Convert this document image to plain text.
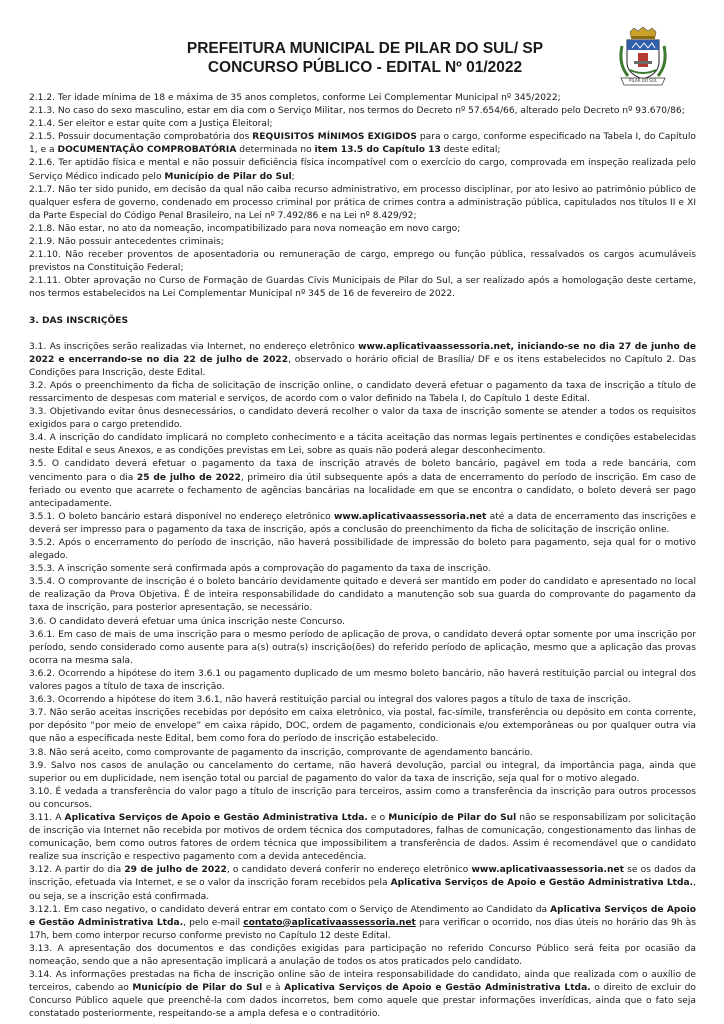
PREFEITURA MUNICIPAL DE PILAR DO SUL/ SP
CONCURSO PÚBLICO - EDITAL Nº 01/2022
PILAR DO SUL

2.1.2. Ter idade mínima de 18 e máxima de 35 anos completos, conforme Lei Complementar Municipal nº 345/2022;

2.1.3. No caso do sexo masculino, estar em dia com o Serviço Militar, nos termos do Decreto nº 57.654/66, alterado pelo Decreto nº 93.670/86;

2.1.4. Ser eleitor e estar quite com a Justiça Eleitoral;

2.1.5. Possuir documentação comprobatória dos REQUISITOS MÍNIMOS EXIGIDOS para o cargo, conforme especificado na Tabela I, do Capítulo 1, e a DOCUMENTAÇÃO COMPROBATÓRIA determinada no item 13.5 do Capítulo 13 deste edital;

2.1.6. Ter aptidão física e mental e não possuir deficiência física incompatível com o exercício do cargo, comprovada em inspeção realizada pelo Serviço Médico indicado pelo Município de Pilar do Sul;

2.1.7. Não ter sido punido, em decisão da qual não caiba recurso administrativo, em processo disciplinar, por ato lesivo ao patrimônio público de qualquer esfera de governo, condenado em processo criminal por prática de crimes contra a administração pública, capitulados nos títulos II e XI da Parte Especial do Código Penal Brasileiro, na Lei nº 7.492/86 e na Lei nº 8.429/92;

2.1.8. Não estar, no ato da nomeação, incompatibilizado para nova nomeação em novo cargo;

2.1.9. Não possuir antecedentes criminais;

2.1.10. Não receber proventos de aposentadoria ou remuneração de cargo, emprego ou função pública, ressalvados os cargos acumuláveis previstos na Constituição Federal;

2.1.11. Obter aprovação no Curso de Formação de Guardas Civis Municipais de Pilar do Sul, a ser realizado após a homologação deste certame, nos termos estabelecidos na Lei Complementar Municipal nº 345 de 16 de fevereiro de 2022.

3. DAS INSCRIÇÕES

3.1. As inscrições serão realizadas via Internet, no endereço eletrônico www.aplicativaassessoria.net, iniciando-se no dia 27 de junho de 2022 e encerrando-se no dia 22 de julho de 2022, observado o horário oficial de Brasília/ DF e os itens estabelecidos no Capítulo 2. Das Condições para Inscrição, deste Edital.

3.2. Após o preenchimento da ficha de solicitação de inscrição online, o candidato deverá efetuar o pagamento da taxa de inscrição a título de ressarcimento de despesas com material e serviços, de acordo com o valor definido na Tabela I, do Capítulo 1 deste Edital.

3.3. Objetivando evitar ônus desnecessários, o candidato deverá recolher o valor da taxa de inscrição somente se atender a todos os requisitos exigidos para o cargo pretendido.

3.4. A inscrição do candidato implicará no completo conhecimento e a tácita aceitação das normas legais pertinentes e condições estabelecidas neste Edital e seus Anexos, e as condições previstas em Lei, sobre as quais não poderá alegar desconhecimento.

3.5. O candidato deverá efetuar o pagamento da taxa de inscrição através de boleto bancário, pagável em toda a rede bancária, com vencimento para o dia 25 de julho de 2022, primeiro dia útil subsequente após a data de encerramento do período de inscrição. Em caso de feriado ou evento que acarrete o fechamento de agências bancárias na localidade em que se encontra o candidato, o boleto deverá ser pago antecipadamente.

3.5.1. O boleto bancário estará disponível no endereço eletrônico www.aplicativaassessoria.net até a data de encerramento das inscrições e deverá ser impresso para o pagamento da taxa de inscrição, após a conclusão do preenchimento da ficha de solicitação de inscrição online.

3.5.2. Após o encerramento do período de inscrição, não haverá possibilidade de impressão do boleto para pagamento, seja qual for o motivo alegado.

3.5.3. A inscrição somente será confirmada após a comprovação do pagamento da taxa de inscrição.

3.5.4. O comprovante de inscrição é o boleto bancário devidamente quitado e deverá ser mantido em poder do candidato e apresentado no local de realização da Prova Objetiva. É de inteira responsabilidade do candidato a manutenção sob sua guarda do comprovante do pagamento da taxa de inscrição, para posterior apresentação, se necessário.

3.6. O candidato deverá efetuar uma única inscrição neste Concurso.

3.6.1. Em caso de mais de uma inscrição para o mesmo período de aplicação de prova, o candidato deverá optar somente por uma inscrição por período, sendo considerado como ausente para a(s) outra(s) inscrição(ões) do referido período de aplicação, mesmo que a aplicação das provas ocorra na mesma sala.

3.6.2. Ocorrendo a hipótese do item 3.6.1 ou pagamento duplicado de um mesmo boleto bancário, não haverá restituição parcial ou integral dos valores pagos a título de taxa de inscrição.

3.6.3. Ocorrendo a hipótese do item 3.6.1, não haverá restituição parcial ou integral dos valores pagos a título de taxa de inscrição.

3.7. Não serão aceitas inscrições recebidas por depósito em caixa eletrônico, via postal, fac-símile, transferência ou depósito em conta corrente, por depósito “por meio de envelope” em caixa rápido, DOC, ordem de pagamento, condicionais e/ou extemporâneas ou por qualquer outra via que não a especificada neste Edital, bem como fora do período de inscrição estabelecido.

3.8. Não será aceito, como comprovante de pagamento da inscrição, comprovante de agendamento bancário.

3.9. Salvo nos casos de anulação ou cancelamento do certame, não haverá devolução, parcial ou integral, da importância paga, ainda que superior ou em duplicidade, nem isenção total ou parcial de pagamento do valor da taxa de inscrição, seja qual for o motivo alegado.

3.10. É vedada a transferência do valor pago a título de inscrição para terceiros, assim como a transferência da inscrição para outros processos ou concursos.

3.11. A Aplicativa Serviços de Apoio e Gestão Administrativa Ltda. e o Município de Pilar do Sul não se responsabilizam por solicitação de inscrição via Internet não recebida por motivos de ordem técnica dos computadores, falhas de comunicação, congestionamento das linhas de comunicação, bem como outros fatores de ordem técnica que impossibilitem a transferência de dados. Assim é recomendável que o candidato realize sua inscrição e respectivo pagamento com a devida antecedência.

3.12. A partir do dia 29 de julho de 2022, o candidato deverá conferir no endereço eletrônico www.aplicativaassessoria.net se os dados da inscrição, efetuada via Internet, e se o valor da inscrição foram recebidos pela Aplicativa Serviços de Apoio e Gestão Administrativa Ltda., ou seja, se a inscrição está confirmada.

3.12.1. Em caso negativo, o candidato deverá entrar em contato com o Serviço de Atendimento ao Candidato da Aplicativa Serviços de Apoio e Gestão Administrativa Ltda., pelo e-mail contato@aplicativaassessoria.net para verificar o ocorrido, nos dias úteis no horário das 9h às 17h, bem como interpor recurso conforme previsto no Capítulo 12 deste Edital.

3.13. A apresentação dos documentos e das condições exigidas para participação no referido Concurso Público será feita por ocasião da nomeação, sendo que a não apresentação implicará a anulação de todos os atos praticados pelo candidato.

3.14. As informações prestadas na ficha de inscrição online são de inteira responsabilidade do candidato, ainda que realizada com o auxílio de terceiros, cabendo ao Município de Pilar do Sul e à Aplicativa Serviços de Apoio e Gestão Administrativa Ltda. o direito de excluir do Concurso Público aquele que preenchê-la com dados incorretos, bem como aquele que prestar informações inverídicas, ainda que o fato seja constatado posteriormente, respeitando-se a ampla defesa e o contraditório.
